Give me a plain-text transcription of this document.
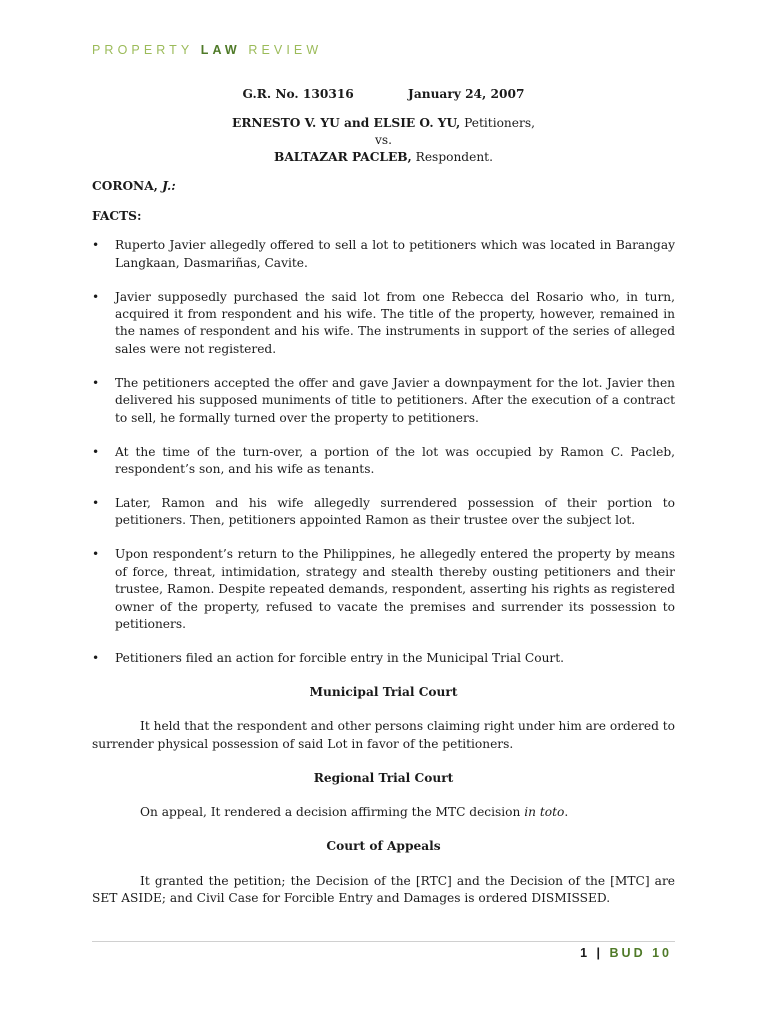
PROPERTY LAW REVIEW
G.R. No. 130316	January 24, 2007
ERNESTO V. YU and ELSIE O. YU, Petitioners,
vs.
BALTAZAR PACLEB, Respondent.
CORONA, J.:
FACTS:
• Ruperto Javier allegedly offered to sell a lot to petitioners which was located in Barangay Langkaan, Dasmariñas, Cavite.
• Javier supposedly purchased the said lot from one Rebecca del Rosario who, in turn, acquired it from respondent and his wife. The title of the property, however, remained in the names of respondent and his wife. The instruments in support of the series of alleged sales were not registered.
• The petitioners accepted the offer and gave Javier a downpayment for the lot. Javier then delivered his supposed muniments of title to petitioners. After the execution of a contract to sell, he formally turned over the property to petitioners.
• At the time of the turn-over, a portion of the lot was occupied by Ramon C. Pacleb, respondent’s son, and his wife as tenants.
• Later, Ramon and his wife allegedly surrendered possession of their portion to petitioners. Then, petitioners appointed Ramon as their trustee over the subject lot.
• Upon respondent’s return to the Philippines, he allegedly entered the property by means of force, threat, intimidation, strategy and stealth thereby ousting petitioners and their trustee, Ramon. Despite repeated demands, respondent, asserting his rights as registered owner of the property, refused to vacate the premises and surrender its possession to petitioners.
• Petitioners filed an action for forcible entry in the Municipal Trial Court.
Municipal Trial Court
It held that the respondent and other persons claiming right under him are ordered to surrender physical possession of said Lot in favor of the petitioners.
Regional Trial Court
On appeal, It rendered a decision affirming the MTC decision in toto.
Court of Appeals
It granted the petition; the Decision of the [RTC] and the Decision of the [MTC] are SET ASIDE; and Civil Case for Forcible Entry and Damages is ordered DISMISSED.
1 | BUD 10
